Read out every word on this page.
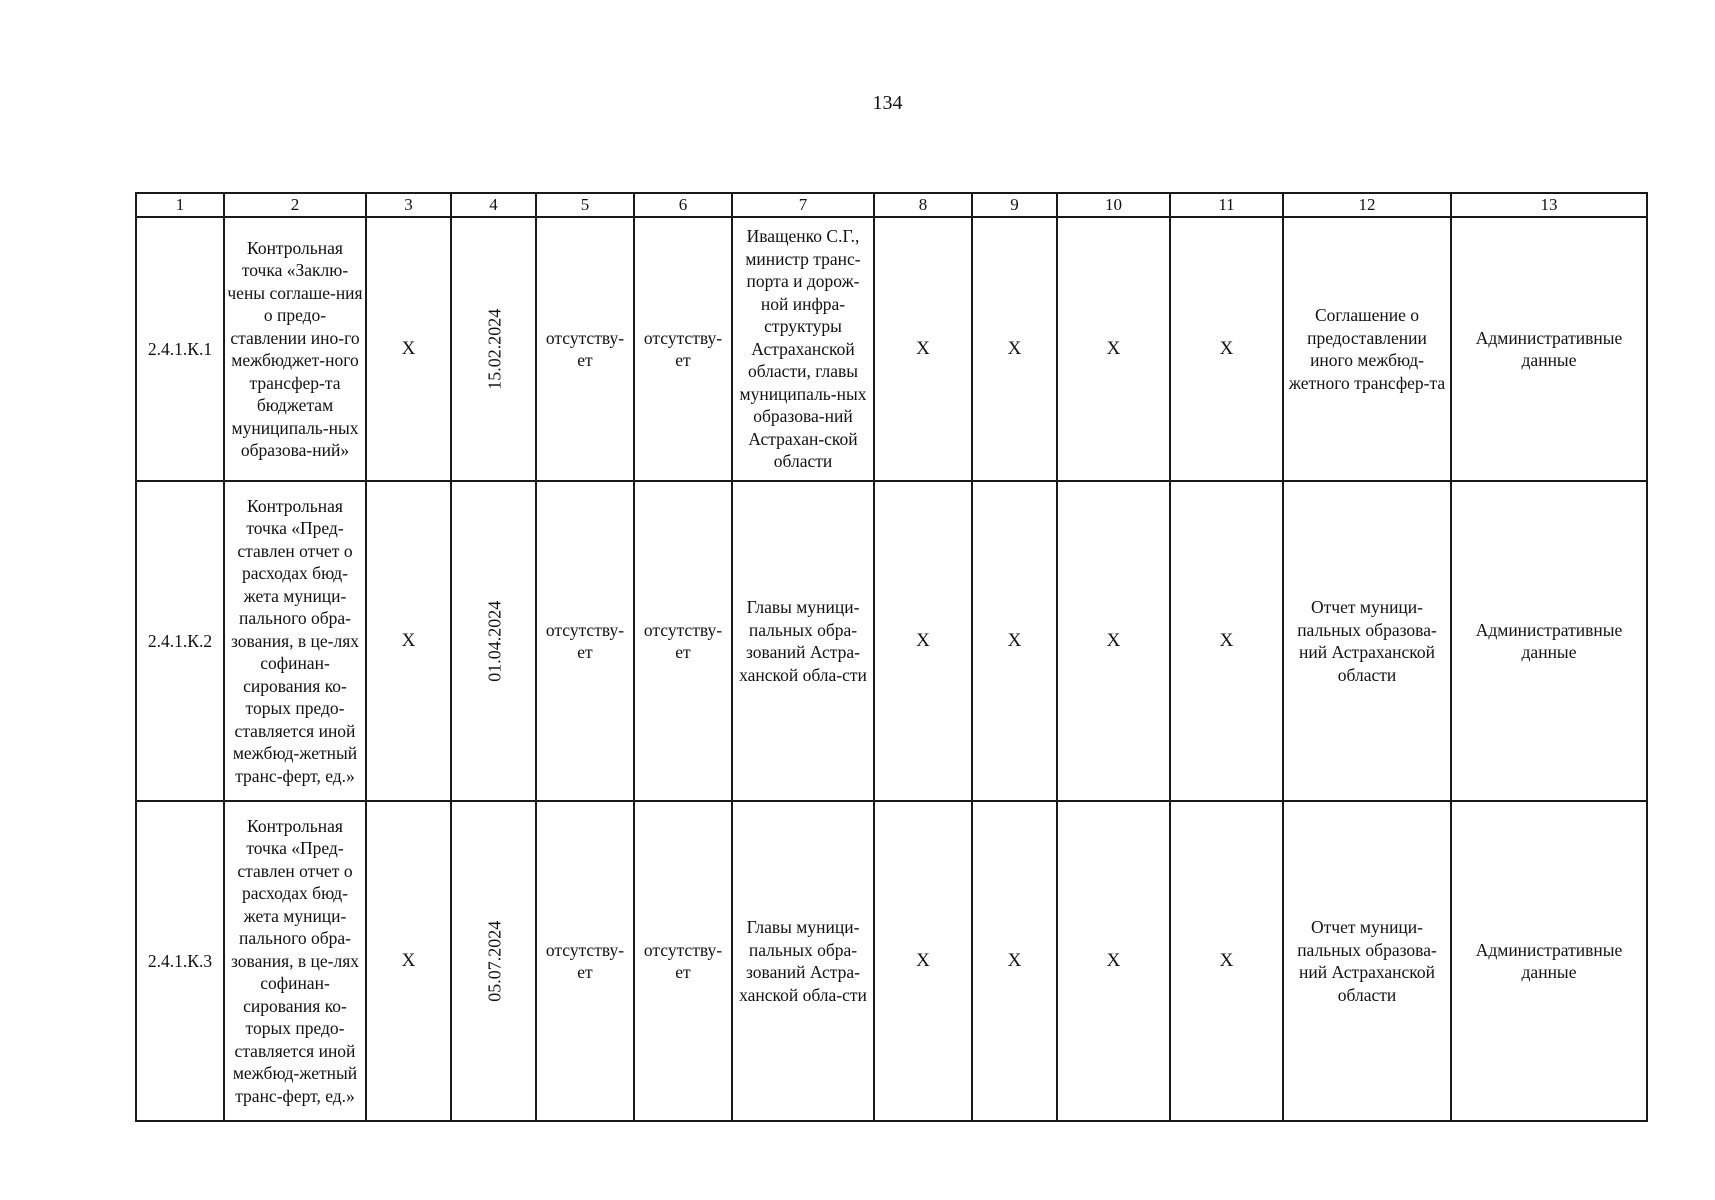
134
1	2	3	4	5	6	7	8	9	10	11	12	13
2.4.1.К.1	Контрольная точка «Заклю-чены соглаше-ния о предо-ставлении ино-го межбюджет-ного трансфер-та бюджетам муниципаль-ных образова-ний»	X	15.02.2024	отсутству-ет	отсутству-ет	Иващенко С.Г., министр транс-порта и дорож-ной инфра-структуры Астраханской области, главы муниципаль-ных образова-ний Астрахан-ской области	X	X	X	X	Соглашение о предоставлении иного межбюд-жетного трансфер-та	Административные данные
2.4.1.К.2	Контрольная точка «Пред-ставлен отчет о расходах бюд-жета муници-пального обра-зования, в це-лях софинан-сирования ко-торых предо-ставляется иной межбюд-жетный транс-ферт, ед.»	X	01.04.2024	отсутству-ет	отсутству-ет	Главы муници-пальных обра-зований Астра-ханской обла-сти	X	X	X	X	Отчет муници-пальных образова-ний Астраханской области	Административные данные
2.4.1.К.3	Контрольная точка «Пред-ставлен отчет о расходах бюд-жета муници-пального обра-зования, в це-лях софинан-сирования ко-торых предо-ставляется иной межбюд-жетный транс-ферт, ед.»	X	05.07.2024	отсутству-ет	отсутству-ет	Главы муници-пальных обра-зований Астра-ханской обла-сти	X	X	X	X	Отчет муници-пальных образова-ний Астраханской области	Административные данные
